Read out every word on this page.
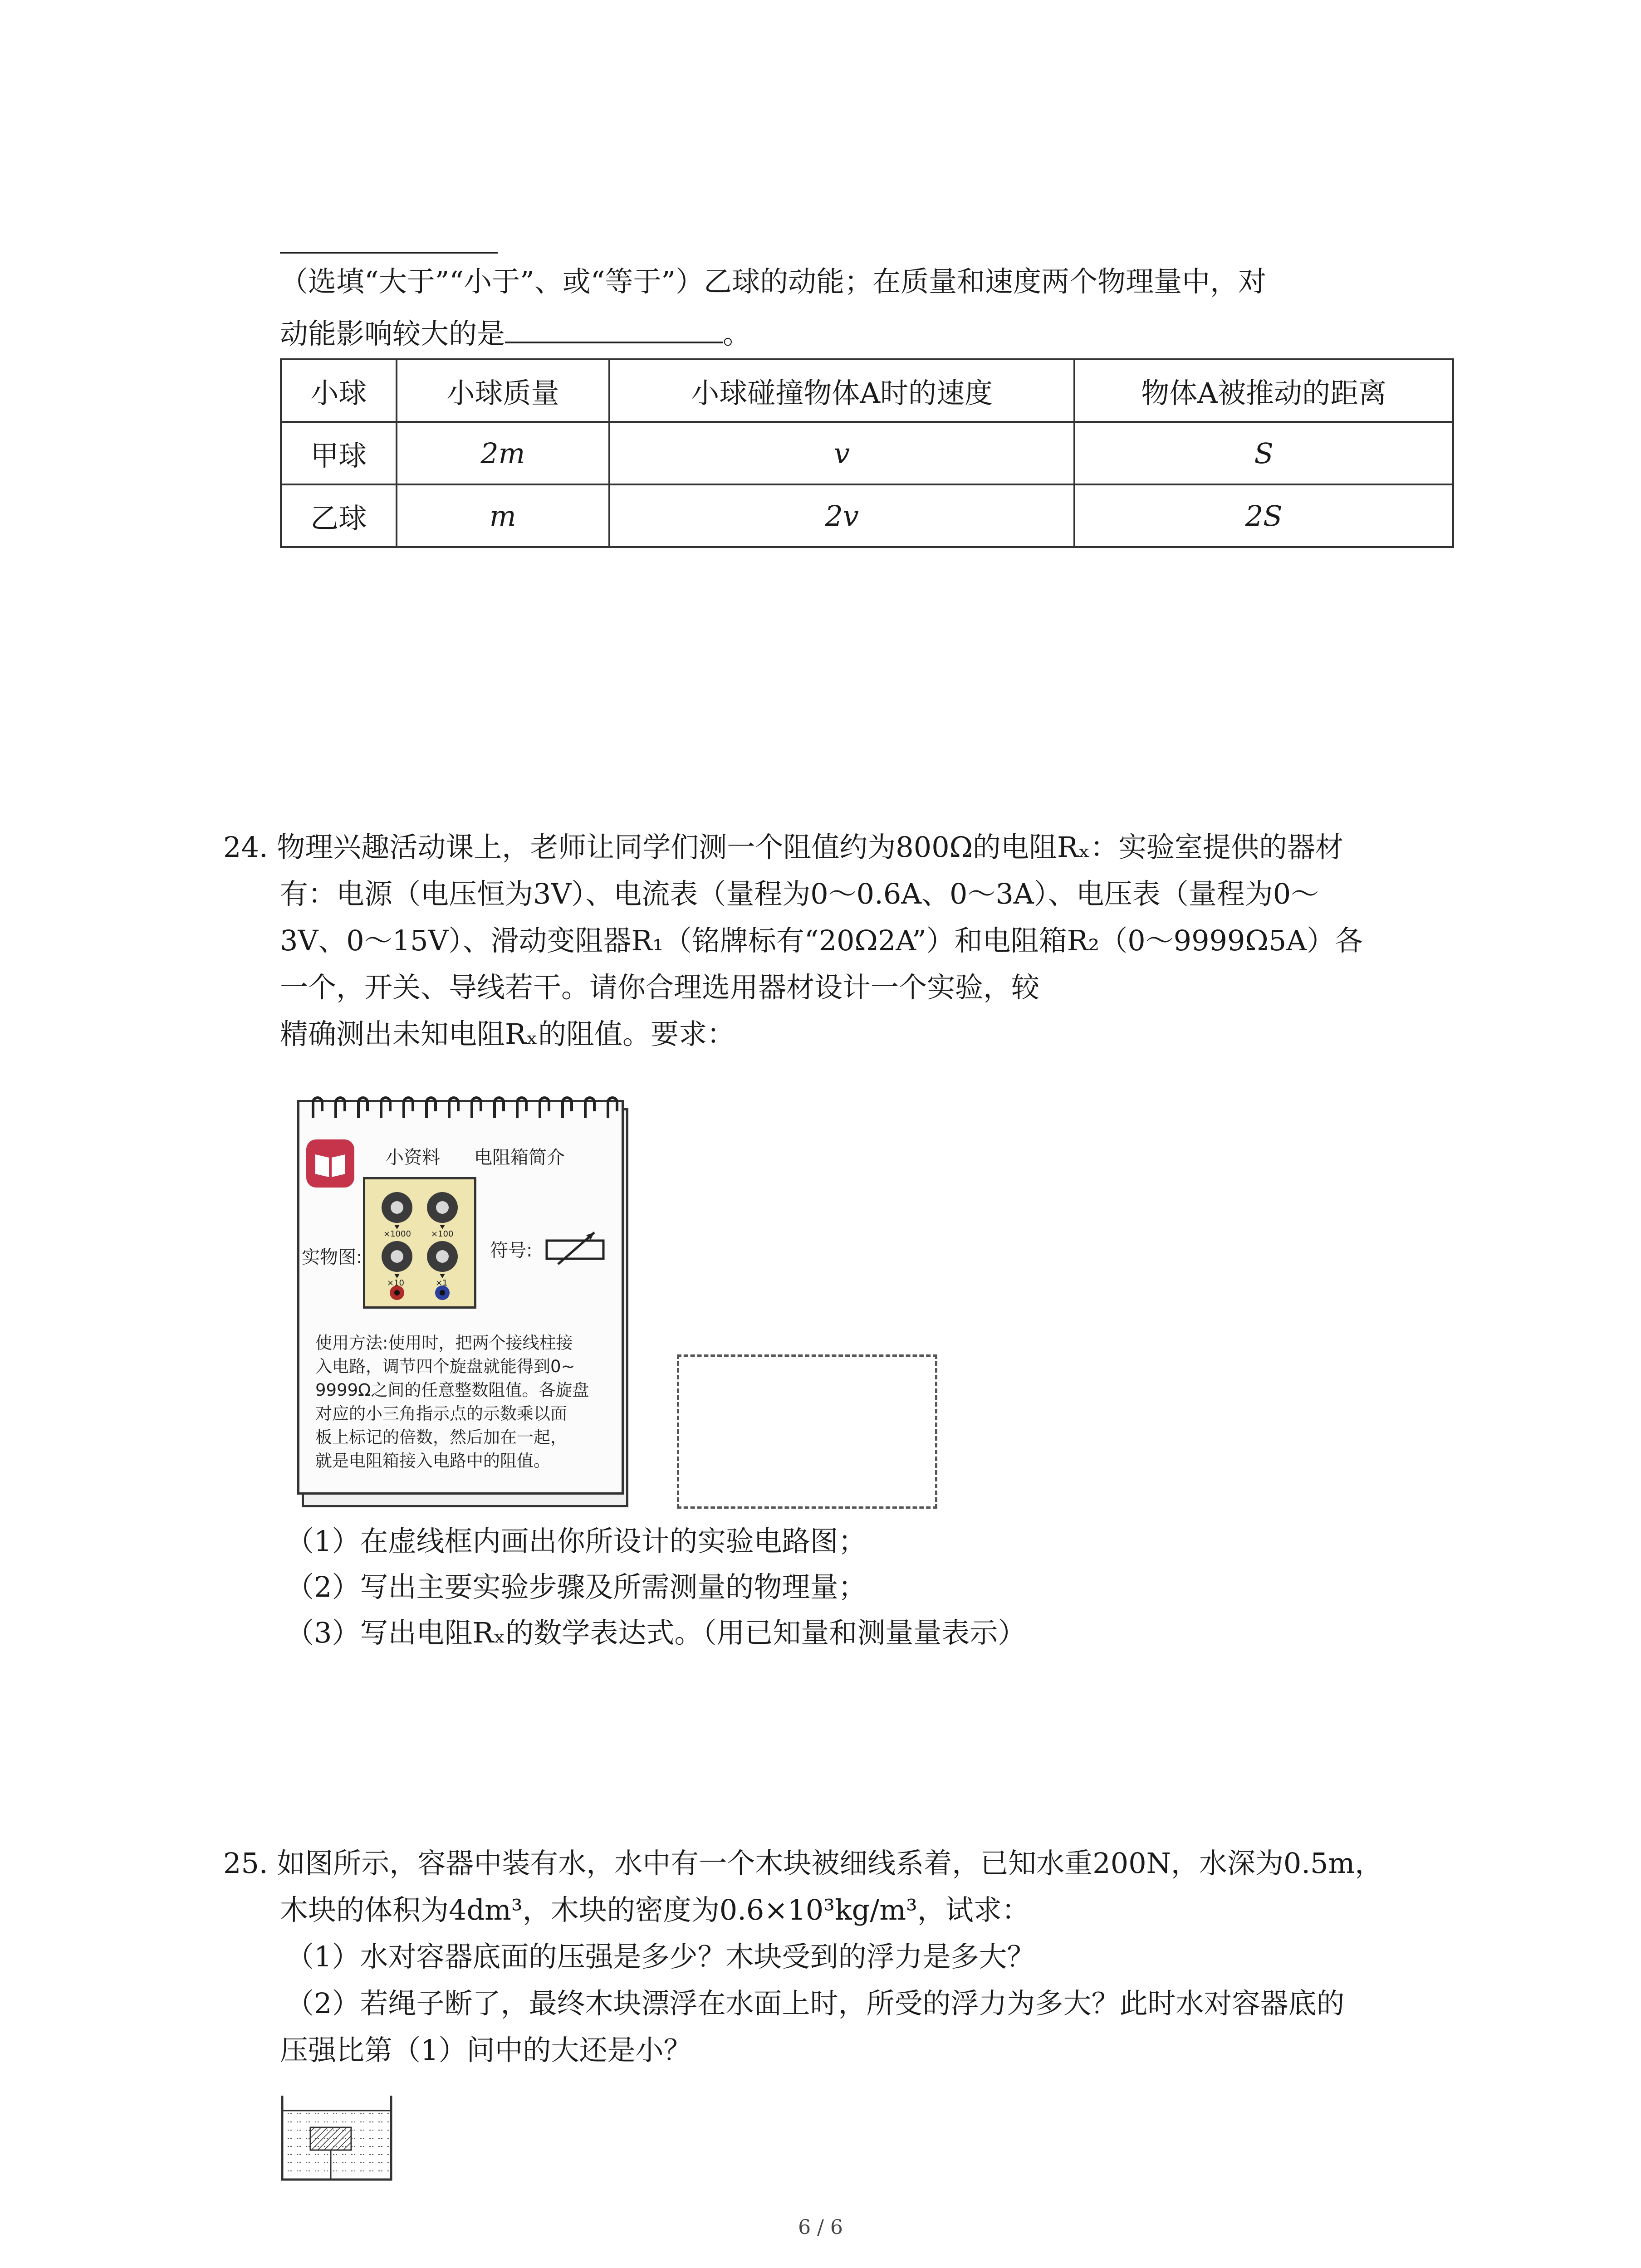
（选填“大于”“小于”、或“等于”）乙球的动能；在质量和速度两个物理量中，对
动能影响较大的是	。
小球	小球质量	小球碰撞物体A时的速度	物体A被推动的距离
甲球	2m	v	S
乙球	m	2v	2S
24. 物理兴趣活动课上，老师让同学们测一个阻值约为800Ω的电阻Rₓ：实验室提供的器材
有：电源（电压恒为3V）、电流表（量程为0～0.6A、0～3A）、电压表（量程为0～
3V、0～15V）、滑动变阻器R₁（铭牌标有“20Ω2A”）和电阻箱R₂（0～9999Ω5A）各
一个，开关、导线若干。请你合理选用器材设计一个实验，较
精确测出未知电阻Rₓ的阻值。要求：
小资料 电阻箱简介
实物图:	符号:
×1000 ×100
×10	×1
使用方法:使用时，把两个接线柱接
入电路，调节四个旋盘就能得到0~
9999Ω之间的任意整数阻值。各旋盘
对应的小三角指示点的示数乘以面
板上标记的倍数，然后加在一起，
就是电阻箱接入电路中的阻值。
（1）在虚线框内画出你所设计的实验电路图；
（2）写出主要实验步骤及所需测量的物理量；
（3）写出电阻Rₓ的数学表达式。（用已知量和测量量表示）
25. 如图所示，容器中装有水，水中有一个木块被细线系着，已知水重200N，水深为0.5m，
木块的体积为4dm³，木块的密度为0.6×10³kg/m³，试求：
（1）水对容器底面的压强是多少？木块受到的浮力是多大？
（2）若绳子断了，最终木块漂浮在水面上时，所受的浮力为多大？此时水对容器底的
压强比第（1）问中的大还是小？
6 / 6
